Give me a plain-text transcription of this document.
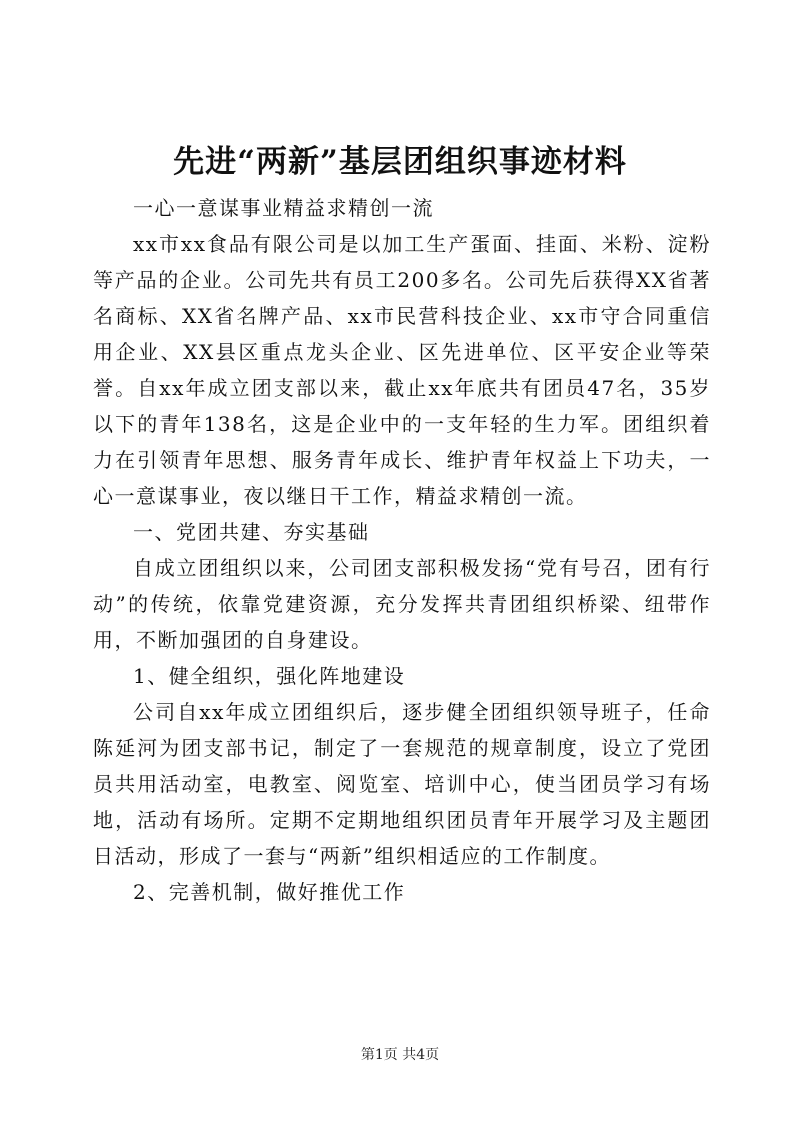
先进“两新”基层团组织事迹材料

一心一意谋事业精益求精创一流

xx市xx食品有限公司是以加工生产蛋面、挂面、米粉、淀粉等产品的企业。公司先共有员工200多名。公司先后获得XX省著名商标、XX省名牌产品、xx市民营科技企业、xx市守合同重信用企业、XX县区重点龙头企业、区先进单位、区平安企业等荣誉。自xx年成立团支部以来，截止xx年底共有团员47名，35岁以下的青年138名，这是企业中的一支年轻的生力军。团组织着力在引领青年思想、服务青年成长、维护青年权益上下功夫，一心一意谋事业，夜以继日干工作，精益求精创一流。

一、党团共建、夯实基础

自成立团组织以来，公司团支部积极发扬“党有号召，团有行动”的传统，依靠党建资源，充分发挥共青团组织桥梁、纽带作用，不断加强团的自身建设。

1、健全组织，强化阵地建设

公司自xx年成立团组织后，逐步健全团组织领导班子，任命陈延河为团支部书记，制定了一套规范的规章制度，设立了党团员共用活动室，电教室、阅览室、培训中心，使当团员学习有场地，活动有场所。定期不定期地组织团员青年开展学习及主题团日活动，形成了一套与“两新”组织相适应的工作制度。

2、完善机制，做好推优工作

第1页 共4页
